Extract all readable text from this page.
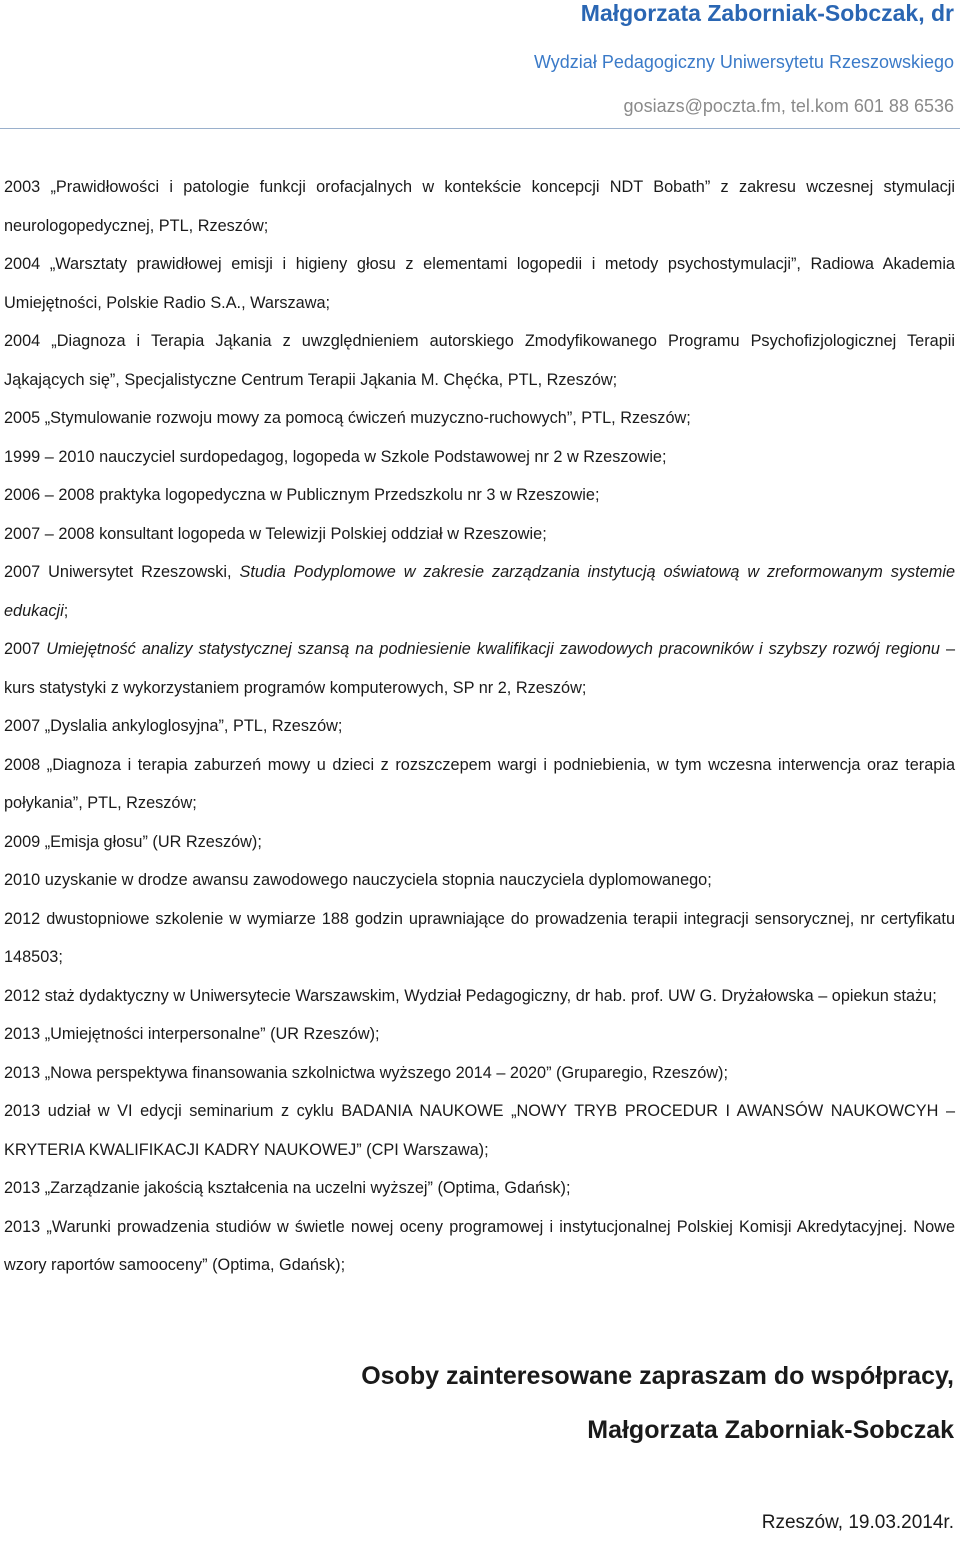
Małgorzata Zaborniak-Sobczak, dr
Wydział Pedagogiczny Uniwersytetu Rzeszowskiego
gosiazs@poczta.fm, tel.kom 601 88 6536
2003 „Prawidłowości i patologie funkcji orofacjalnych w kontekście koncepcji NDT Bobath” z zakresu wczesnej stymulacji neurologopedycznej, PTL, Rzeszów;
2004 „Warsztaty prawidłowej emisji i higieny głosu z elementami logopedii i metody psychostymulacji”, Radiowa Akademia Umiejętności, Polskie Radio S.A., Warszawa;
2004 „Diagnoza i Terapia Jąkania z uwzględnieniem autorskiego Zmodyfikowanego Programu Psychofizjologicznej Terapii Jąkających się”, Specjalistyczne Centrum Terapii Jąkania M. Chęćka, PTL, Rzeszów;
2005 „Stymulowanie rozwoju mowy za pomocą ćwiczeń muzyczno-ruchowych”, PTL, Rzeszów;
1999 – 2010 nauczyciel surdopedagog, logopeda w Szkole Podstawowej nr 2 w Rzeszowie;
2006 – 2008 praktyka logopedyczna w Publicznym Przedszkolu nr 3 w Rzeszowie;
2007 – 2008 konsultant logopeda w Telewizji Polskiej oddział w Rzeszowie;
2007 Uniwersytet Rzeszowski, Studia Podyplomowe w zakresie zarządzania instytucją oświatową w zreformowanym systemie edukacji;
2007 Umiejętność analizy statystycznej szansą na podniesienie kwalifikacji zawodowych pracowników i szybszy rozwój regionu – kurs statystyki z wykorzystaniem programów komputerowych, SP nr 2, Rzeszów;
2007 „Dyslalia ankyloglosyjna”, PTL, Rzeszów;
2008 „Diagnoza i terapia zaburzeń mowy u dzieci z rozszczepem wargi i podniebienia, w tym wczesna interwencja oraz terapia połykania”, PTL, Rzeszów;
2009 „Emisja głosu” (UR Rzeszów);
2010 uzyskanie w drodze awansu zawodowego nauczyciela stopnia nauczyciela dyplomowanego;
2012 dwustopniowe szkolenie w wymiarze 188 godzin uprawniające do prowadzenia terapii integracji sensorycznej, nr certyfikatu 148503;
2012 staż dydaktyczny w Uniwersytecie Warszawskim, Wydział Pedagogiczny, dr hab. prof. UW G. Dryżałowska – opiekun stażu;
2013 „Umiejętności interpersonalne” (UR Rzeszów);
2013 „Nowa perspektywa finansowania szkolnictwa wyższego 2014 – 2020” (Gruparegio, Rzeszów);
2013 udział w VI edycji seminarium z cyklu BADANIA NAUKOWE „NOWY TRYB PROCEDUR I AWANSÓW NAUKOWCYH – KRYTERIA KWALIFIKACJI KADRY NAUKOWEJ” (CPI Warszawa);
2013 „Zarządzanie jakością kształcenia na uczelni wyższej” (Optima, Gdańsk);
2013 „Warunki prowadzenia studiów w świetle nowej oceny programowej i instytucjonalnej Polskiej Komisji Akredytacyjnej. Nowe wzory raportów samooceny” (Optima, Gdańsk);
Osoby zainteresowane zapraszam do współpracy,
Małgorzata Zaborniak-Sobczak
Rzeszów, 19.03.2014r.
